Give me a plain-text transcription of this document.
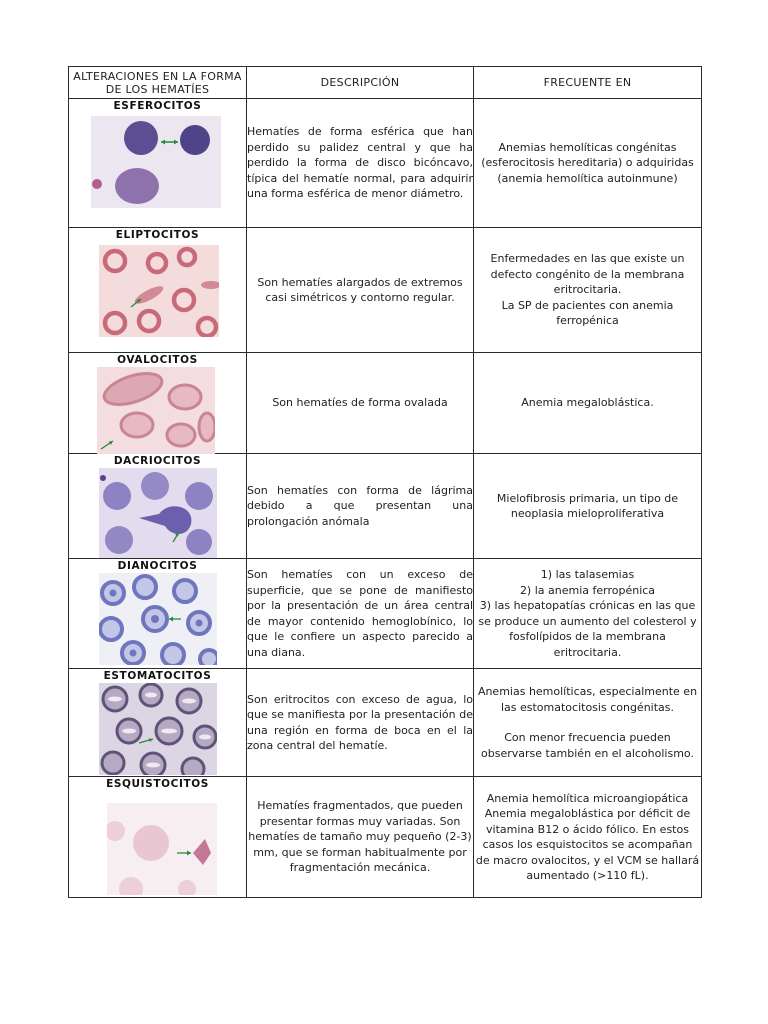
ALTERACIONES EN LA FORMA DE LOS HEMATÍES	DESCRIPCIÓN	FRECUENTE EN

ESFEROCITOS	Hematíes de forma esférica que han perdido su palidez central y que ha perdido la forma de disco bicóncavo, típica del hematíe normal, para adquirir una forma esférica de menor diámetro.	Anemias hemolíticas congénitas (esferocitosis hereditaria) o adquiridas (anemia hemolítica autoinmune)

ELIPTOCITOS	Son hematíes alargados de extremos casi simétricos y contorno regular.	Enfermedades en las que existe un defecto congénito de la membrana eritrocitaria.

La SP de pacientes con anemia ferropénica

OVALOCITOS	Son hematíes de forma ovalada	Anemia megaloblástica.

DACRIOCITOS	Son hematíes con forma de lágrima debido a que presentan una prolongación anómala	Mielofibrosis primaria, un tipo de neoplasia mieloproliferativa

DIANOCITOS	Son hematíes con un exceso de superficie, que se pone de manifiesto por la presentación de un área central de mayor contenido hemoglobínico, lo que le confiere un aspecto parecido a una diana.	1) las talasemias

2) la anemia ferropénica

3) las hepatopatías crónicas en las que se produce un aumento del colesterol y fosfolípidos de la membrana eritrocitaria.

ESTOMATOCITOS	Son eritrocitos con exceso de agua, lo que se manifiesta por la presentación de una región en forma de boca en el la zona central del hematíe.	Anemias hemolíticas, especialmente en las estomatocitosis congénitas.

Con menor frecuencia pueden observarse también en el alcoholismo.

ESQUISTOCITOS	Hematíes fragmentados, que pueden presentar formas muy variadas. Son hematíes de tamaño muy pequeño (2-3) mm, que se forman habitualmente por fragmentación mecánica.	Anemia hemolítica microangiopática Anemia megaloblástica por déficit de vitamina B12 o ácido fólico. En estos casos los esquistocitos se acompañan de macro ovalocitos, y el VCM se hallará aumentado (>110 fL).
